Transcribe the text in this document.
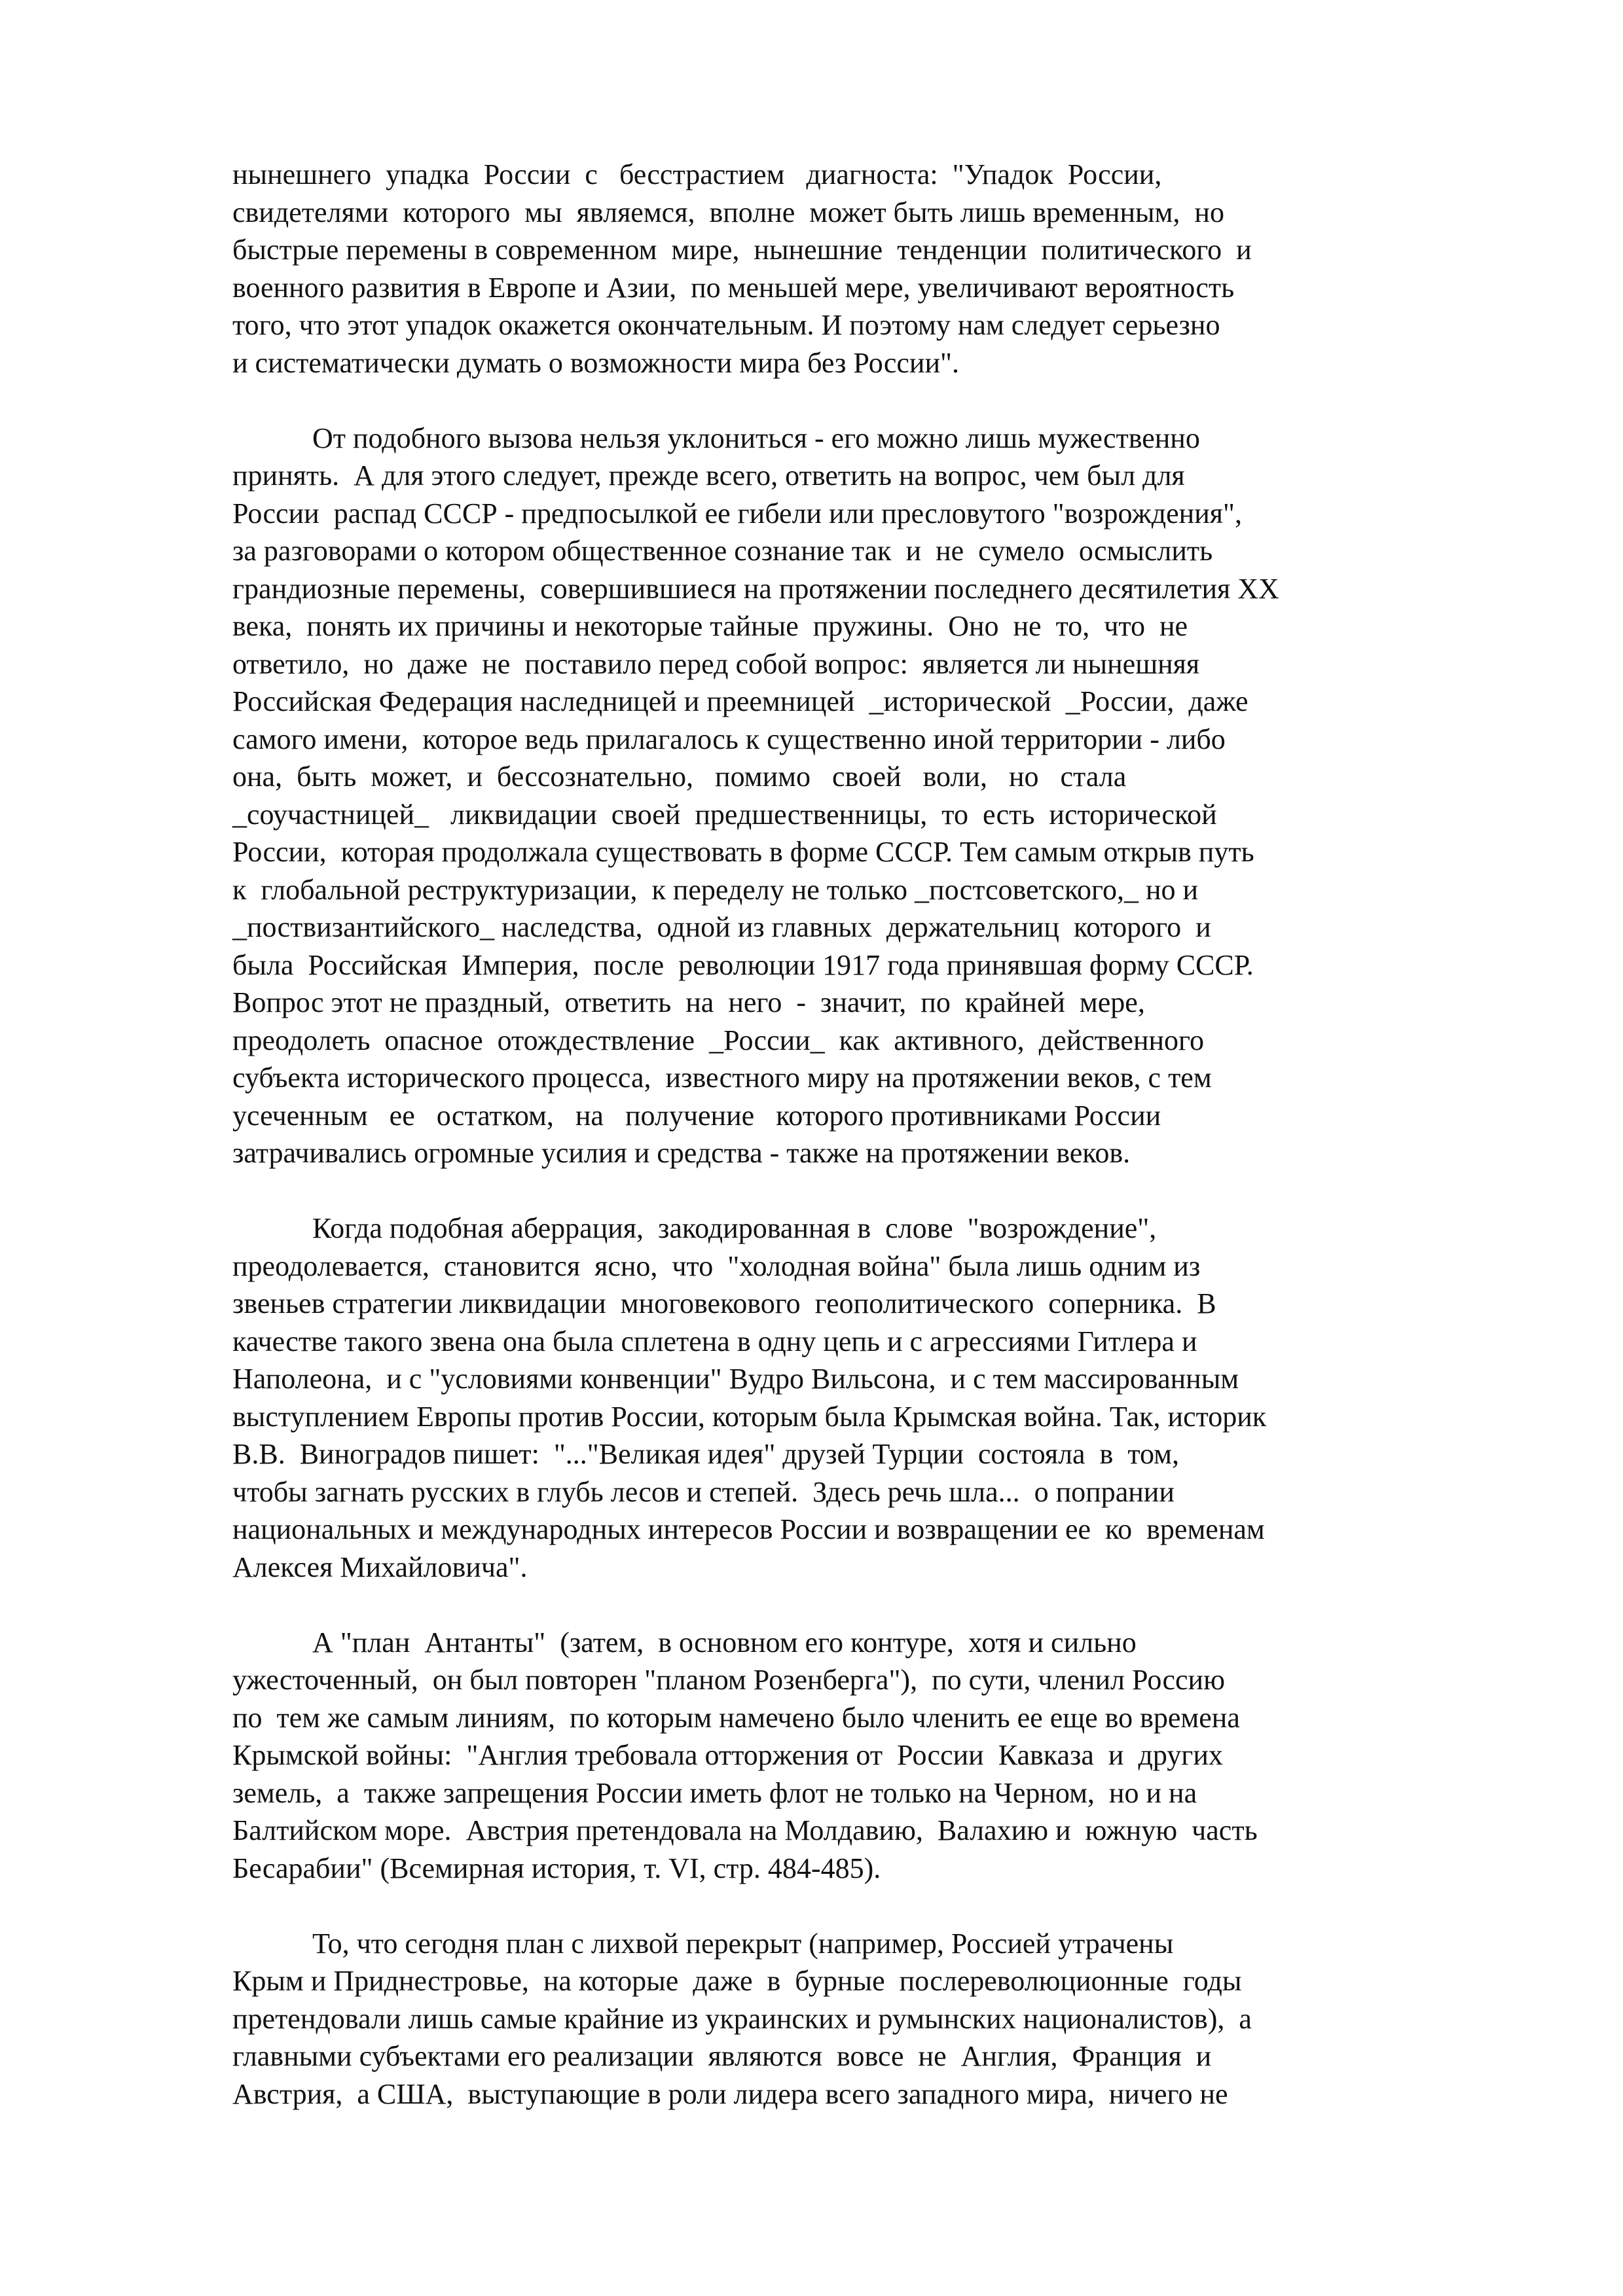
нынешнего  упадка  России  с   бесстрастием   диагноста:  "Упадок  России,
свидетелями  которого  мы  являемся,  вполне  может быть лишь временным,  но
быстрые перемены в современном  мире,  нынешние  тенденции  политического  и
военного развития в Европе и Азии,  по меньшей мере, увеличивают вероятность
того, что этот упадок окажется окончательным. И поэтому нам следует серьезно
и систематически думать о возможности мира без России".
От подобного вызова нельзя уклониться - его можно лишь мужественно
принять.  А для этого следует, прежде всего, ответить на вопрос, чем был для
России  распад СССР - предпосылкой ее гибели или пресловутого "возрождения",
за разговорами о котором общественное сознание так  и  не  сумело  осмыслить
грандиозные перемены,  совершившиеся на протяжении последнего десятилетия XX
века,  понять их причины и некоторые тайные  пружины.  Оно  не  то,  что  не
ответило,  но  даже  не  поставило перед собой вопрос:  является ли нынешняя
Российская Федерация наследницей и преемницей  _исторической  _России,  даже
самого имени,  которое ведь прилагалось к существенно иной территории - либо
она,  быть  может,  и  бессознательно,   помимо   своей   воли,   но   стала
_соучастницей_   ликвидации  своей  предшественницы,  то  есть  исторической
России,  которая продолжала существовать в форме СССР. Тем самым открыв путь
к  глобальной реструктуризации,  к переделу не только _постсоветского,_ но и
_поствизантийского_ наследства,  одной из главных  держательниц  которого  и
была  Российская  Империя,  после  революции 1917 года принявшая форму СССР.
Вопрос этот не праздный,  ответить  на  него  -  значит,  по  крайней  мере,
преодолеть  опасное  отождествление  _России_  как  активного,  действенного
субъекта исторического процесса,  известного миру на протяжении веков, с тем
усеченным   ее   остатком,   на   получение   которого противниками России
затрачивались огромные усилия и средства - также на протяжении веков.
Когда подобная аберрация,  закодированная в  слове  "возрождение",
преодолевается,  становится  ясно,  что  "холодная война" была лишь одним из
звеньев стратегии ликвидации  многовекового  геополитического  соперника.  В
качестве такого звена она была сплетена в одну цепь и с агрессиями Гитлера и
Наполеона,  и с "условиями конвенции" Вудро Вильсона,  и с тем массированным
выступлением Европы против России, которым была Крымская война. Так, историк
В.В.  Виноградов пишет:  "..."Великая идея" друзей Турции  состояла  в  том,
чтобы загнать русских в глубь лесов и степей.  Здесь речь шла...  о попрании
национальных и международных интересов России и возвращении ее  ко  временам
Алексея Михайловича".
А "план  Антанты"  (затем,  в основном его контуре,  хотя и сильно
ужесточенный,  он был повторен "планом Розенберга"),  по сути, членил Россию
по  тем же самым линиям,  по которым намечено было членить ее еще во времена
Крымской войны:  "Англия требовала отторжения от  России  Кавказа  и  других
земель,  а  также запрещения России иметь флот не только на Черном,  но и на
Балтийском море.  Австрия претендовала на Молдавию,  Валахию и  южную  часть
Бесарабии" (Всемирная история, т. VI, стр. 484-485).
То, что сегодня план с лихвой перекрыт (например, Россией утрачены
Крым и Приднестровье,  на которые  даже  в  бурные  послереволюционные  годы
претендовали лишь самые крайние из украинских и румынских националистов),  а
главными субъектами его реализации  являются  вовсе  не  Англия,  Франция  и
Австрия,  а США,  выступающие в роли лидера всего западного мира,  ничего не
